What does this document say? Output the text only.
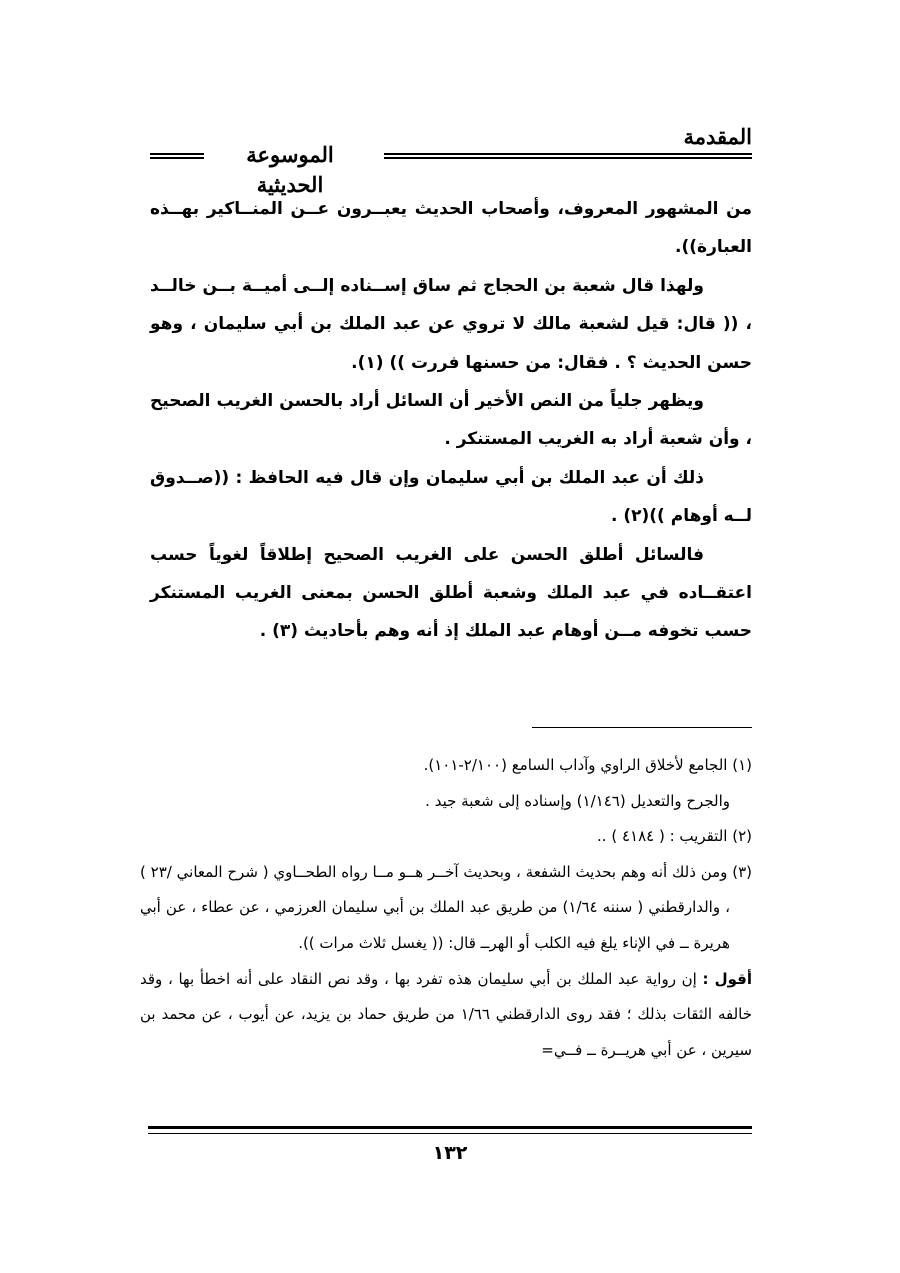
المقدمة
الموسوعة الحديثية

من المشهور المعروف، وأصحاب الحديث يعبــرون عــن المنــاكير بهــذه العبارة)).

ولهذا قال شعبة بن الحجاج ثم ساق إســناده إلــى أميــة بــن خالــد ، (( قال: قيل لشعبة مالك لا تروي عن عبد الملك بن أبي سليمان ، وهو حسن الحديث ؟ . فقال: من حسنها فررت )) (١).

ويظهر جلياً من النص الأخير أن السائل أراد بالحسن الغريب الصحيح ، وأن شعبة أراد به الغريب المستنكر .

ذلك أن عبد الملك بن أبي سليمان وإن قال فيه الحافظ : ((صــدوق لــه أوهام ))(٢) .

فالسائل أطلق الحسن على الغريب الصحيح إطلاقاً لغوياً حسب اعتقــاده في عبد الملك وشعبة أطلق الحسن بمعنى الغريب المستنكر حسب تخوفه مــن أوهام عبد الملك إذ أنه وهم بأحاديث (٣) .

(١) الجامع لأخلاق الراوي وآداب السامع (٢/١٠٠-١٠١).

والجرح والتعديل (١/١٤٦) وإسناده إلى شعبة جيد .

(٢) التقريب : ( ٤١٨٤ ) ..

(٣) ومن ذلك أنه وهم بحديث الشفعة ، وبحديث آخــر هــو مــا رواه الطحــاوي ( شرح المعاني /٢٣ ) ، والدارقطني ( سننه ١/٦٤) من طريق عبد الملك بن أبي سليمان العرزمي ، عن عطاء ، عن أبي هريرة ــ في الإناء يلغ فيه الكلب أو الهرــ قال: (( يغسل ثلاث مرات )).

أقول : إن رواية عبد الملك بن أبي سليمان هذه تفرد بها ، وقد نص النقاد على أنه اخطأ بها ، وقد خالفه الثقات بذلك ؛ فقد روى الدارقطني ١/٦٦ من طريق حماد بن يزيد، عن أيوب ، عن محمد بن سيرين ، عن أبي هريــرة ــ فــي=

١٣٢
